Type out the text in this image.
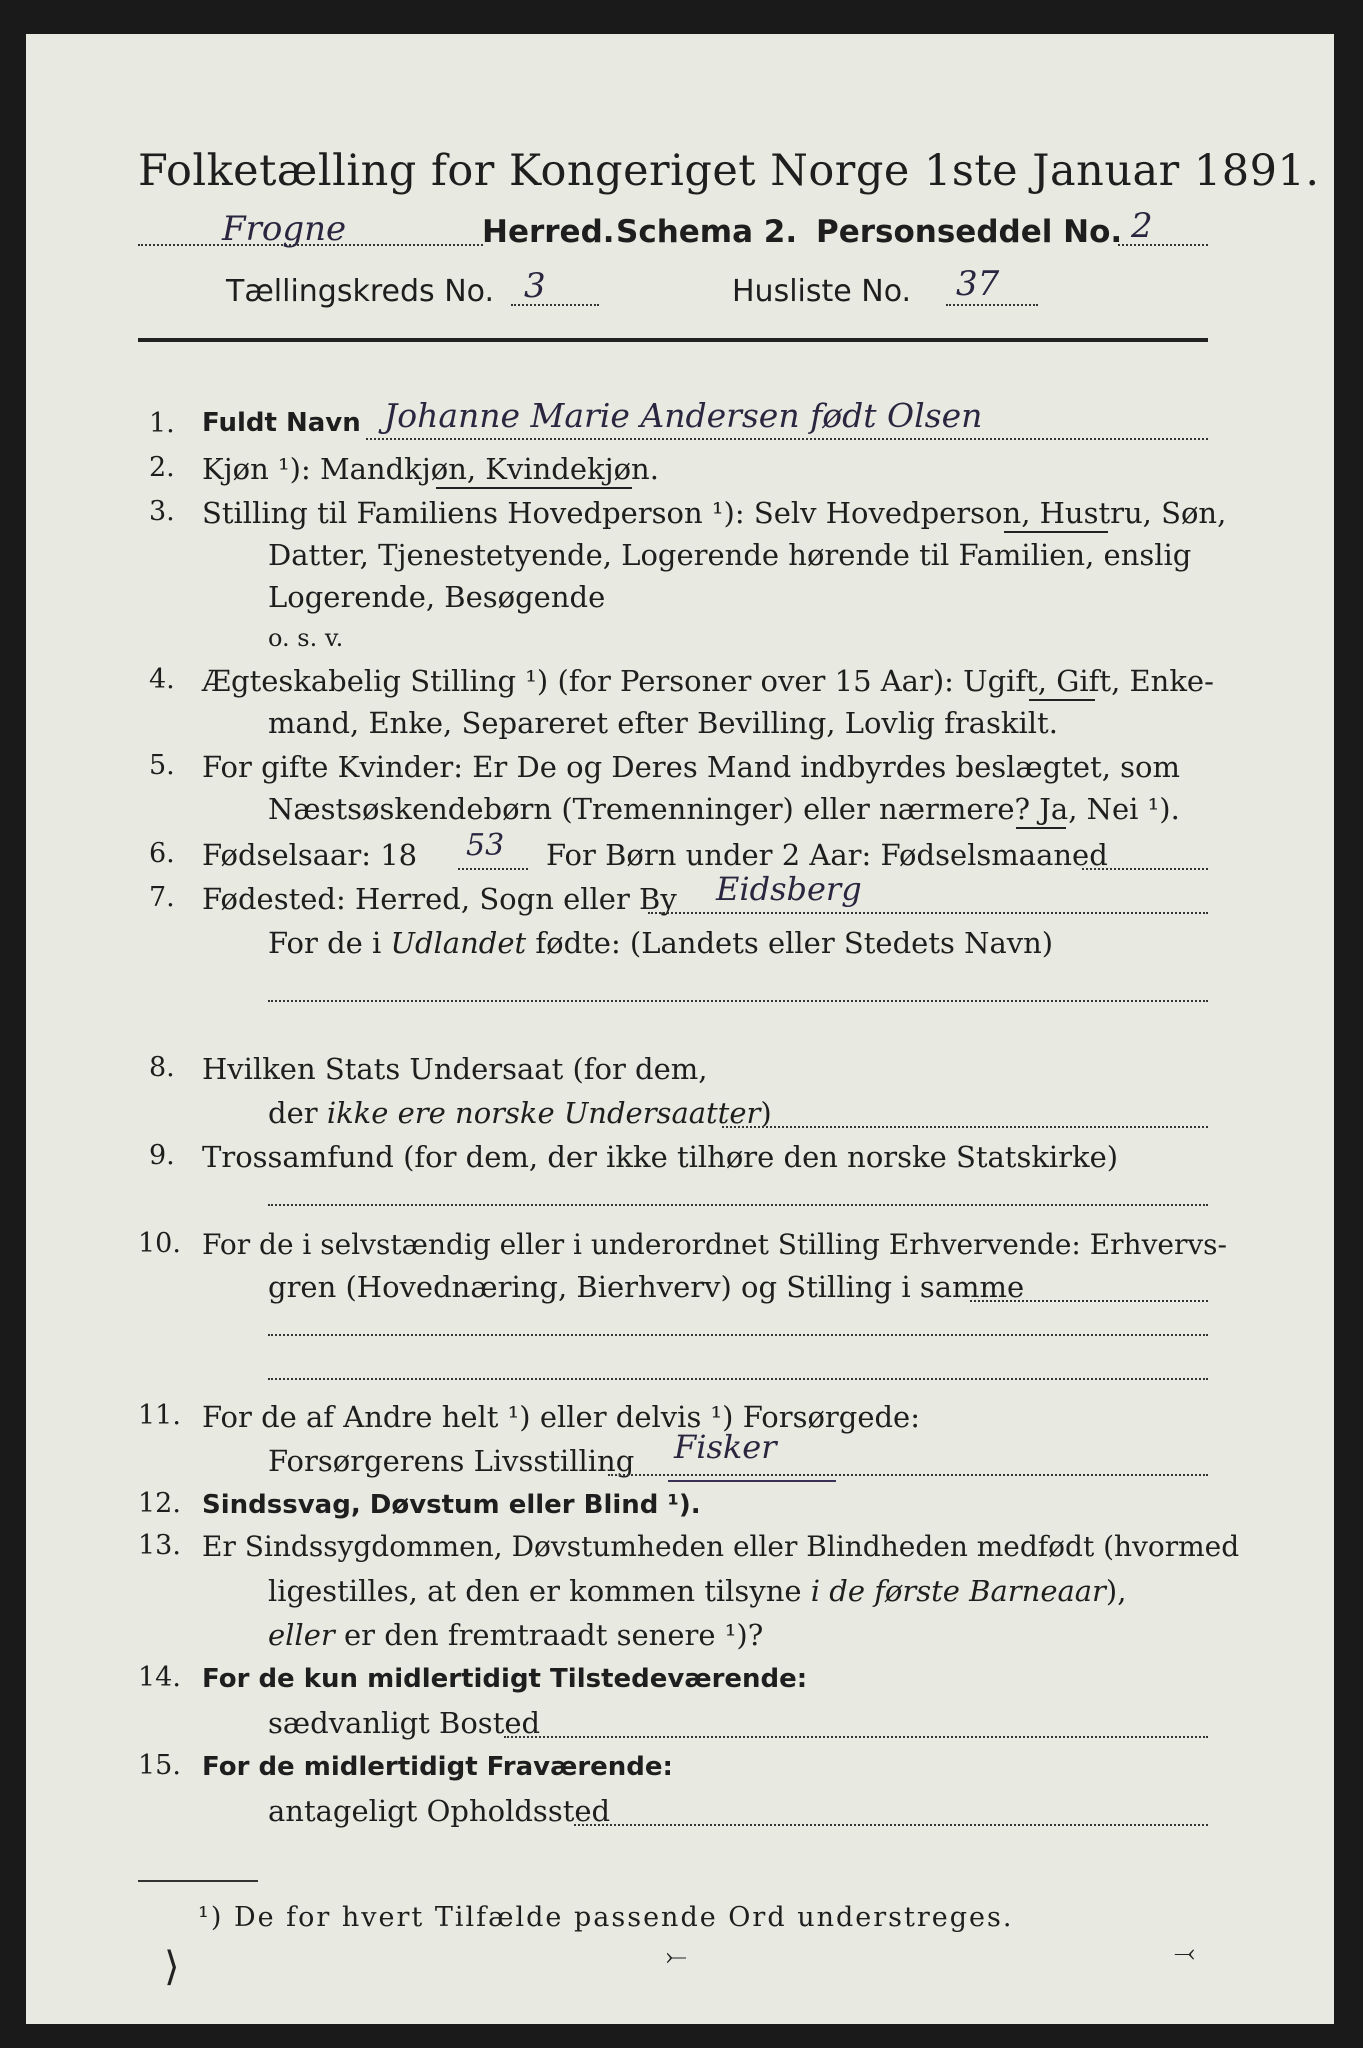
Folketælling for Kongeriget Norge 1ste Januar 1891.
Frogne	Herred. Schema 2. Personseddel No. 2
Tællingskreds No. 3	Husliste No. 37
1. Fuldt Navn Johanne Marie Andersen født Olsen
2. Kjøn ¹): Mandkjøn, Kvindekjøn.
3. Stilling til Familiens Hovedperson ¹): Selv Hovedperson, Hustru, Søn,
Datter, Tjenestetyende, Logerende hørende til Familien, enslig
Logerende, Besøgende
o. s. v.
4. Ægteskabelig Stilling ¹) (for Personer over 15 Aar): Ugift, Gift, Enke-
mand, Enke, Separeret efter Bevilling, Lovlig fraskilt.
5. For gifte Kvinder: Er De og Deres Mand indbyrdes beslægtet, som
Næstsøskendebørn (Tremenninger) eller nærmere? Ja, Nei ¹).
6. Fødselsaar: 18 53 For Børn under 2 Aar: Fødselsmaaned
7. Fødested: Herred, Sogn eller By Eidsberg
For de i Udlandet fødte: (Landets eller Stedets Navn)
8. Hvilken Stats Undersaat (for dem,
der ikke ere norske Undersaatter)
9. Trossamfund (for dem, der ikke tilhøre den norske Statskirke)
10. For de i selvstændig eller i underordnet Stilling Erhvervende: Erhvervs-
gren (Hovednæring, Bierhverv) og Stilling i samme
11. For de af Andre helt ¹) eller delvis ¹) Forsørgede:
Forsørgerens Livsstilling Fisker
12. Sindssvag, Døvstum eller Blind ¹).
13. Er Sindssygdommen, Døvstumheden eller Blindheden medfødt (hvormed
ligestilles, at den er kommen tilsyne i de første Barneaar),
eller er den fremtraadt senere ¹)?
14. For de kun midlertidigt Tilstedeværende:
sædvanligt Bosted
15. For de midlertidigt Fraværende:
antageligt Opholdssted
¹) De for hvert Tilfælde passende Ord understreges.
⟩	⤚	⤙
